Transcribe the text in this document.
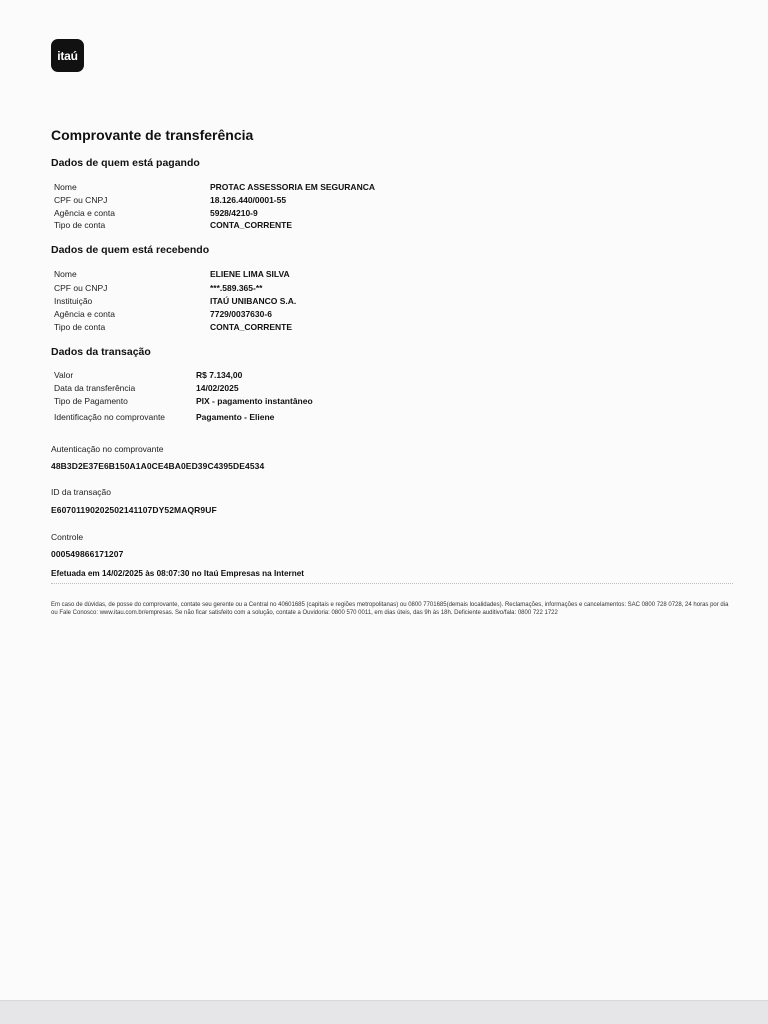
itaú
Comprovante de transferência
Dados de quem está pagando
Nome	PROTAC ASSESSORIA EM SEGURANCA
CPF ou CNPJ	18.126.440/0001-55
Agência e conta	5928/4210-9
Tipo de conta	CONTA_CORRENTE
Dados de quem está recebendo
Nome	ELIENE LIMA SILVA
CPF ou CNPJ	***.589.365-**
Instituição	ITAÚ UNIBANCO S.A.
Agência e conta	7729/0037630-6
Tipo de conta	CONTA_CORRENTE
Dados da transação
Valor	R$ 7.134,00
Data da transferência	14/02/2025
Tipo de Pagamento	PIX - pagamento instantâneo
Identificação no comprovante	Pagamento - Eliene
Autenticação no comprovante
48B3D2E37E6B150A1A0CE4BA0ED39C4395DE4534
ID da transação
E60701190202502141107DY52MAQR9UF
Controle
000549866171207
Efetuada em 14/02/2025 às 08:07:30 no Itaú Empresas na Internet
Em caso de dúvidas, de posse do comprovante, contate seu gerente ou a Central no 40601685 (capitais e regiões metropolitanas) ou 0800 7701685(demais localidades). Reclamações, informações e cancelamentos: SAC 0800 728 0728, 24 horas por dia ou Fale Conosco: www.itau.com.br/empresas. Se não ficar satisfeito com a solução, contate a Ouvidoria: 0800 570 0011, em dias úteis, das 9h às 18h. Deficiente auditivo/fala: 0800 722 1722
